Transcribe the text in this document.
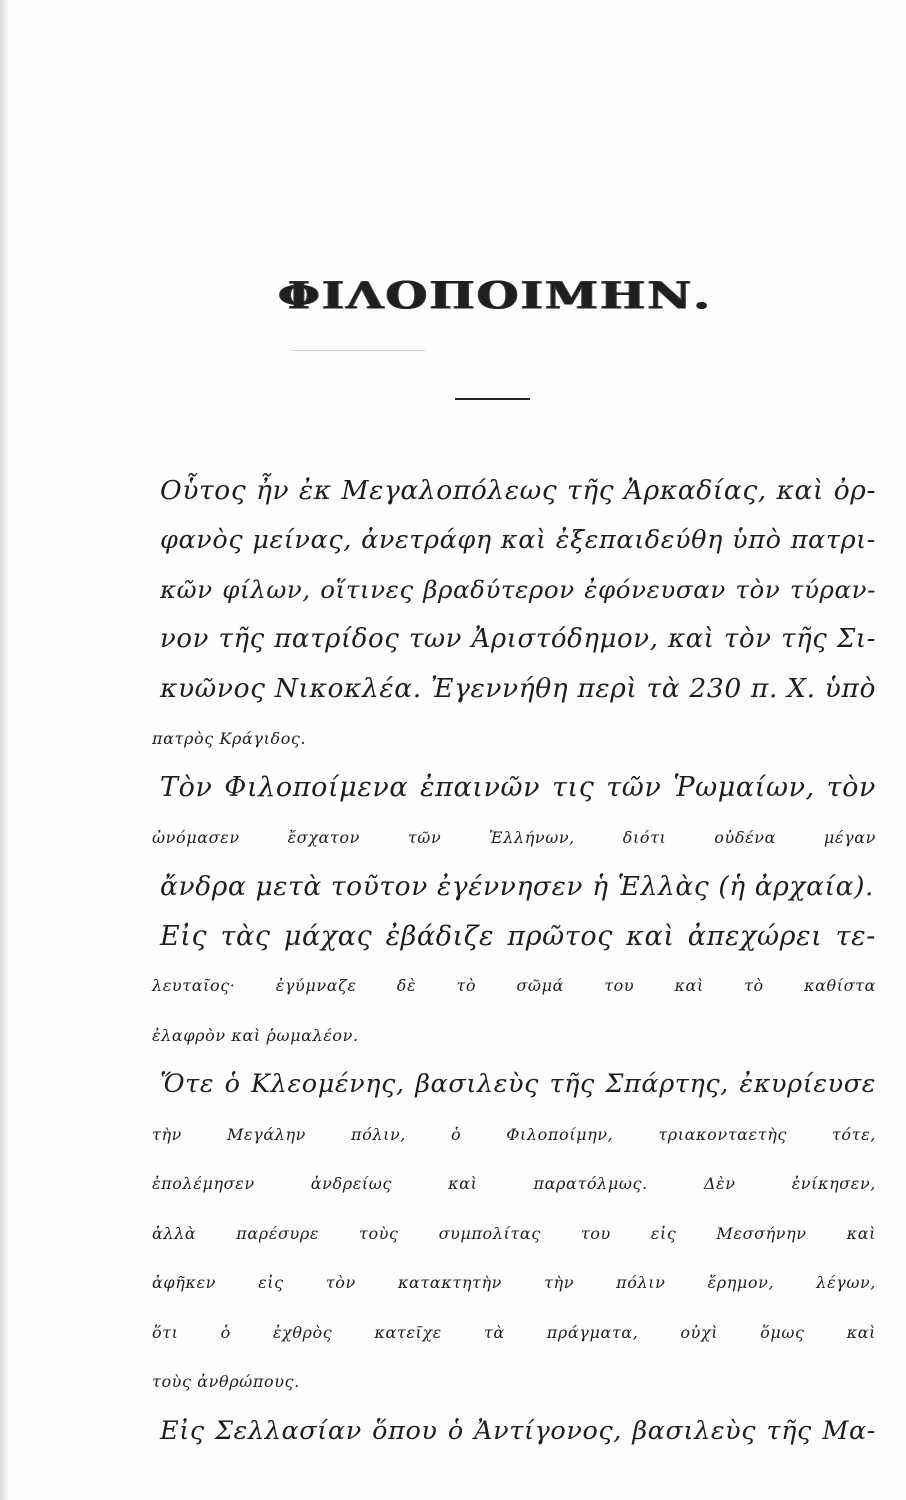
ΦΙΛΟΠΟΙΜΗΝ.
Οὗτος ἦν ἐκ Μεγαλοπόλεως τῆς Ἀρκαδίας, καὶ ὀρ-
φανὸς μείνας, ἀνετράφη καὶ ἐξεπαιδεύθη ὑπὸ πατρι-
κῶν φίλων, οἵτινες βραδύτερον ἐφόνευσαν τὸν τύραν-
νον τῆς πατρίδος των Ἀριστόδημον, καὶ τὸν τῆς Σι-
κυῶνος Νικοκλέα. Ἐγεννήθη περὶ τὰ 230 π. Χ. ὑπὸ
πατρὸς Κράγιδος.
Τὸν Φιλοποίμενα ἐπαινῶν τις τῶν Ῥωμαίων, τὸν
ὠνόμασεν ἔσχατον τῶν Ἑλλήνων, διότι οὐδένα μέγαν
ἄνδρα μετὰ τοῦτον ἐγέννησεν ἡ Ἑλλὰς (ἡ ἀρχαία).
Εἰς τὰς μάχας ἐβάδιζε πρῶτος καὶ ἀπεχώρει τε-
λευταῖος· ἐγύμναζε δὲ τὸ σῶμά του καὶ τὸ καθίστα
ἐλαφρὸν καὶ ῥωμαλέον.
Ὅτε ὁ Κλεομένης, βασιλεὺς τῆς Σπάρτης, ἐκυρίευσε
τὴν Μεγάλην πόλιν, ὁ Φιλοποίμην, τριακονταετὴς τότε,
ἐπολέμησεν ἀνδρείως καὶ παρατόλμως. Δὲν ἐνίκησεν,
ἀλλὰ παρέσυρε τοὺς συμπολίτας του εἰς Μεσσήνην καὶ
ἀφῆκεν εἰς τὸν κατακτητὴν τὴν πόλιν ἔρημον, λέγων,
ὅτι ὁ ἐχθρὸς κατεῖχε τὰ πράγματα, οὐχὶ ὅμως καὶ
τοὺς ἀνθρώπους.
Εἰς Σελλασίαν ὅπου ὁ Ἀντίγονος, βασιλεὺς τῆς Μα-
